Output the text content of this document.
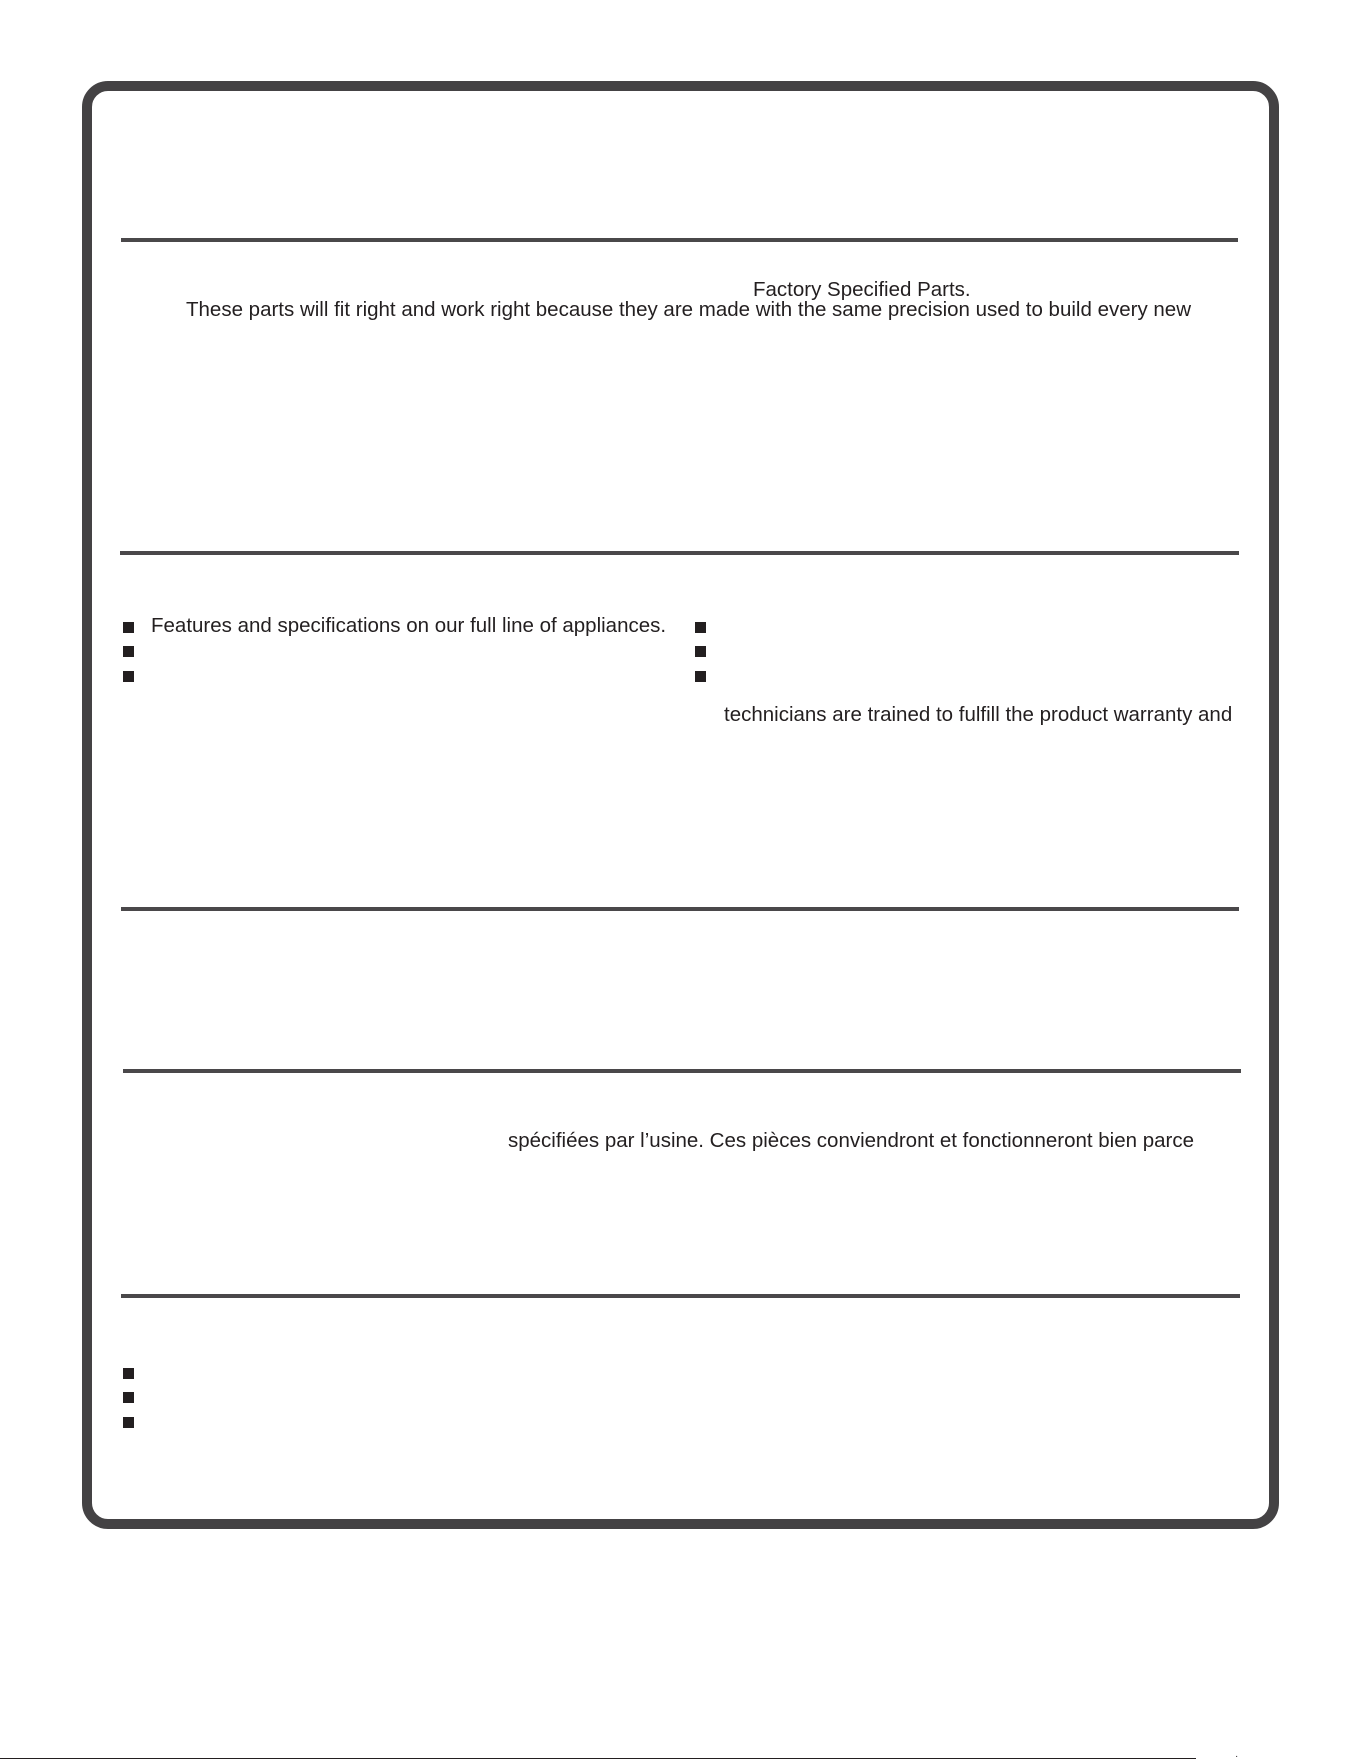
Factory Specified Parts.
These parts will fit right and work right because they are made with the same precision used to build every new
Features and specifications on our full line of appliances.
technicians are trained to fulfill the product warranty and
spécifiées par l’usine. Ces pièces conviendront et fonctionneront bien parce
·
